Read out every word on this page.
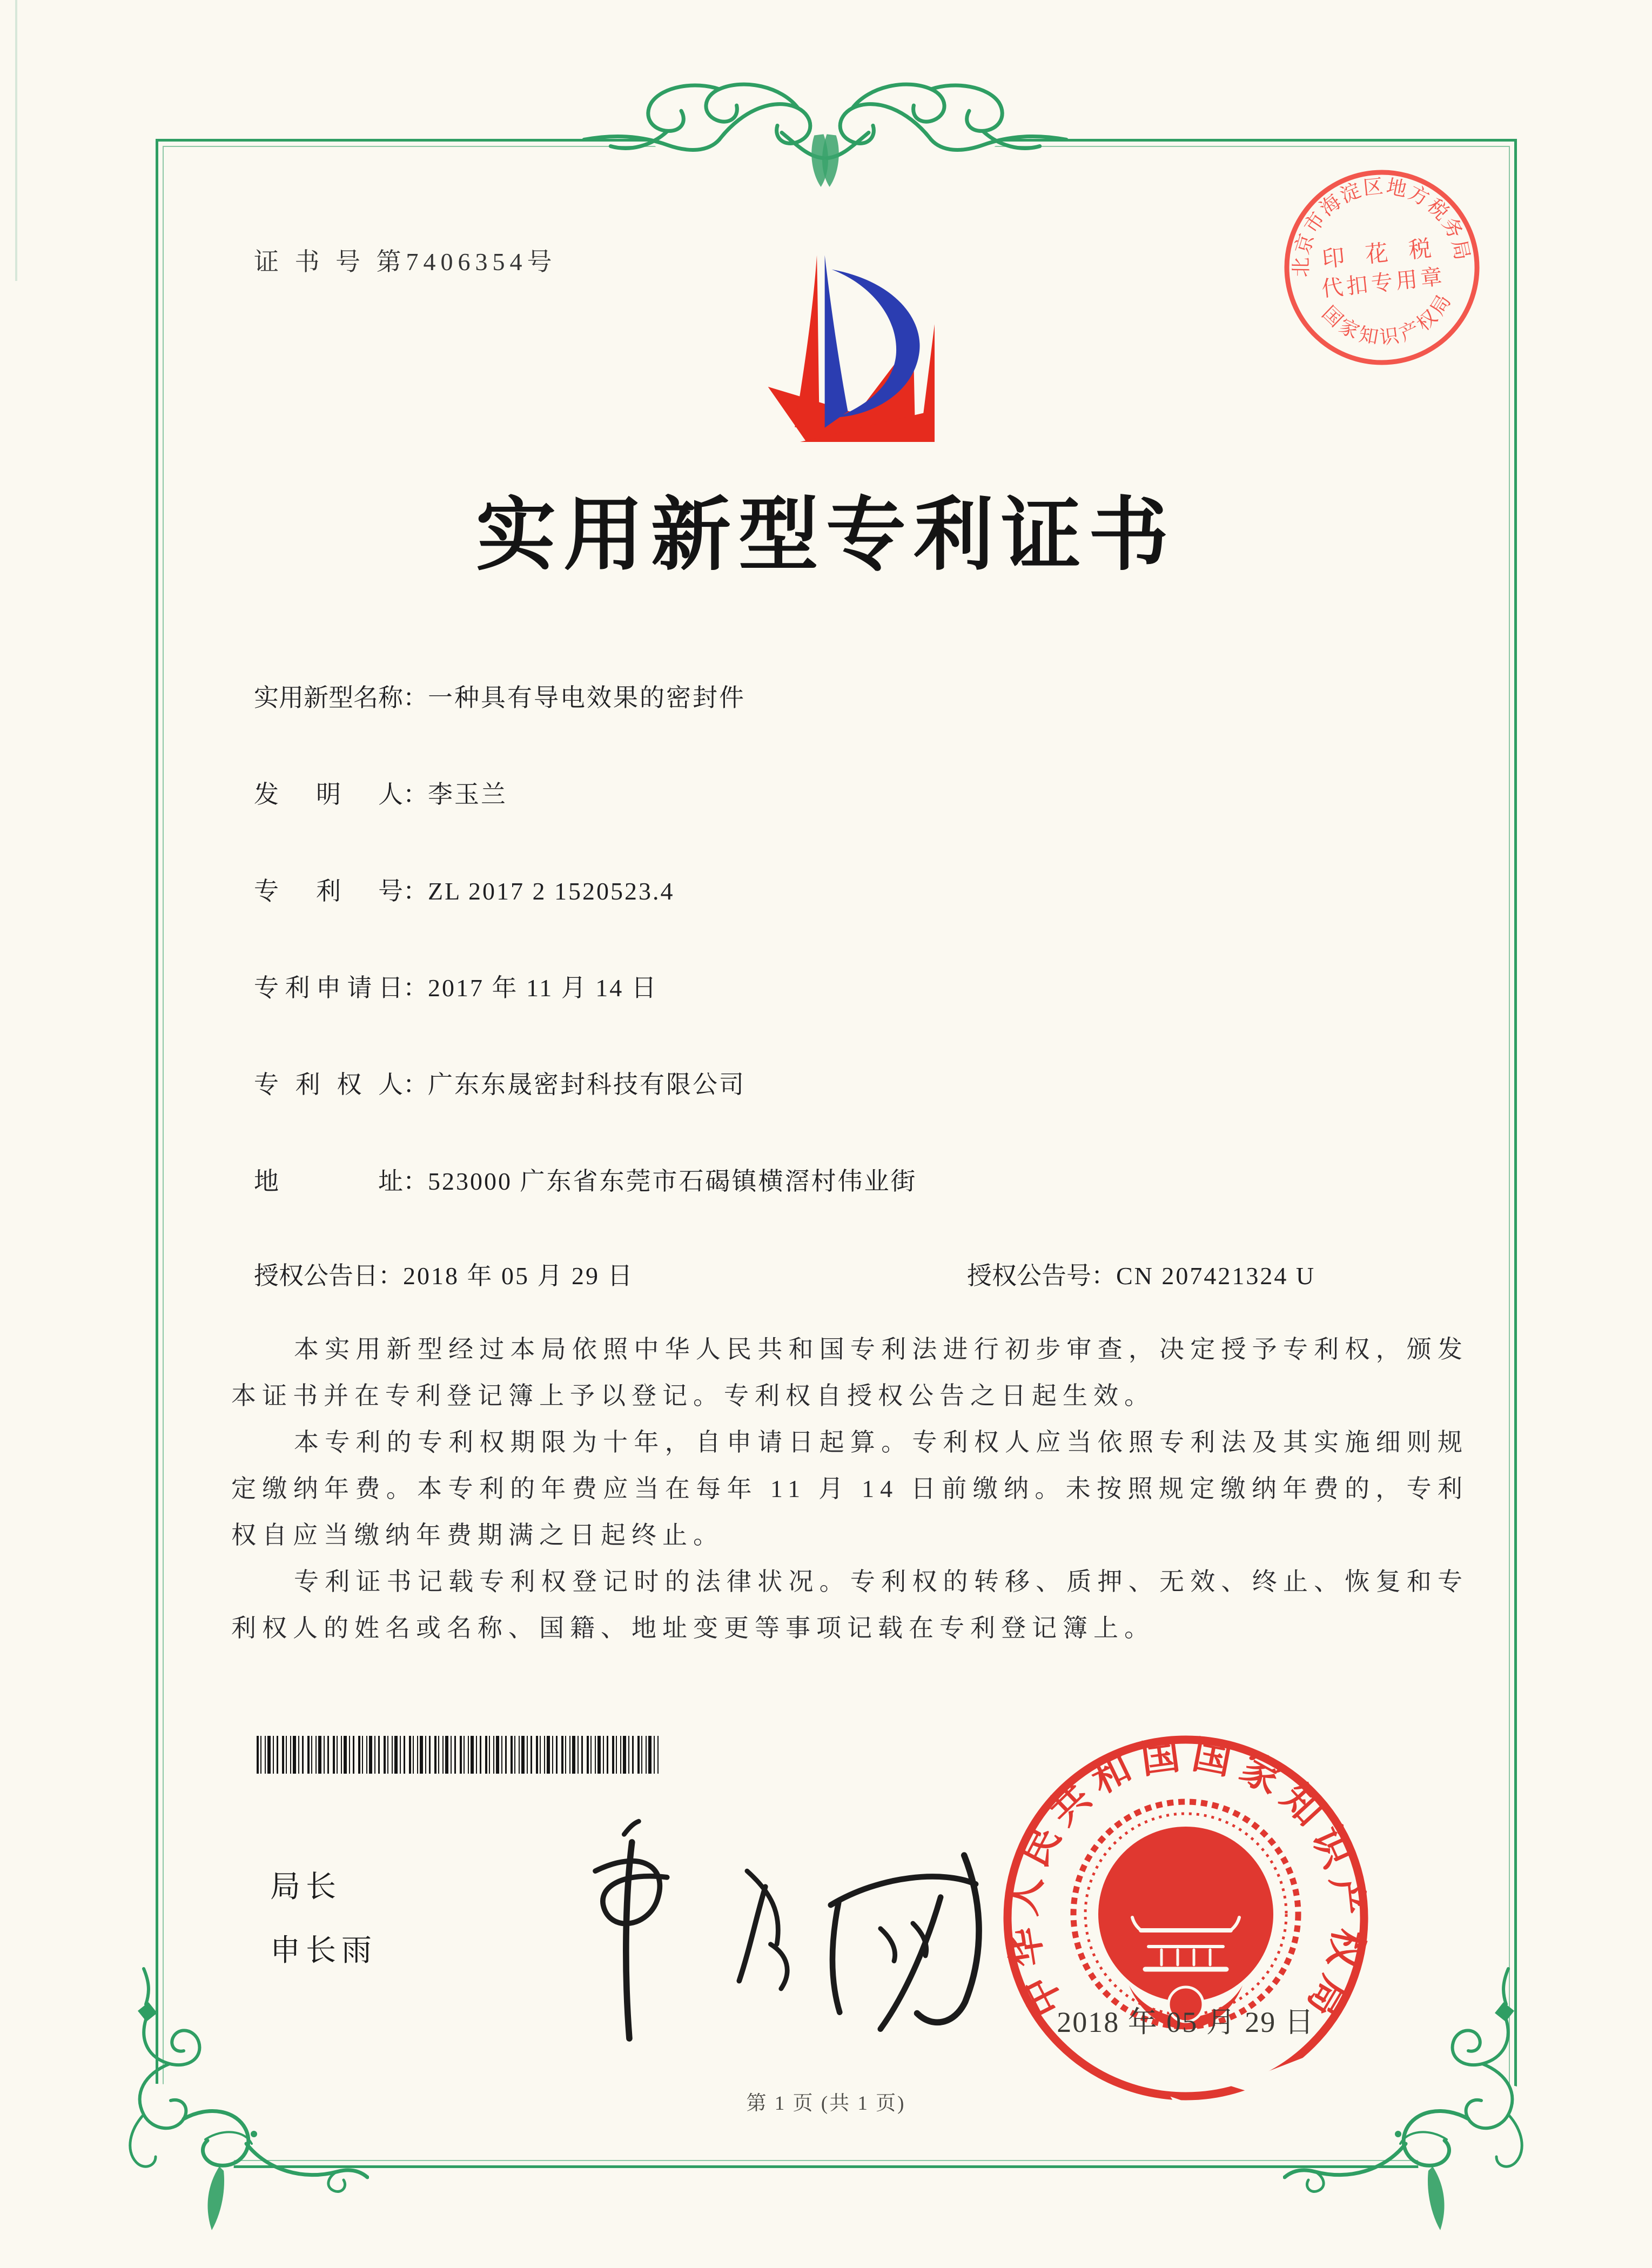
证 书 号 第7406354号
实用新型专利证书
北京市海淀区地方税务局
国家知识产权局
印 花 税
代扣专用章
实用新型名称 ： 一种具有导电效果的密封件
发明人 ： 李玉兰
专利号 ： ZL 2017 2 1520523.4
专利申请日 ： 2017 年 11 月 14 日
专利权人 ： 广东东晟密封科技有限公司
地址 ： 523000 广东省东莞市石碣镇横滘村伟业街
授权公告日 ： 2018 年 05 月 29 日	授权公告号 ： CN 207421324 U

本实用新型经过本局依照中华人民共和国专利法进行初步审查，决定授予专利权，颁发本证书并在专利登记簿上予以登记。专利权自授权公告之日起生效。

本专利的专利权期限为十年，自申请日起算。专利权人应当依照专利法及其实施细则规定缴纳年费。本专利的年费应当在每年 11 月 14 日前缴纳。未按照规定缴纳年费的，专利权自应当缴纳年费期满之日起终止。

专利证书记载专利权登记时的法律状况。专利权的转移、质押、无效、终止、恢复和专利权人的姓名或名称、国籍、地址变更等事项记载在专利登记簿上。

局长
申长雨
中华人民共和国国家知识产权局
2018 年 05 月 29 日
第 1 页 (共 1 页)
